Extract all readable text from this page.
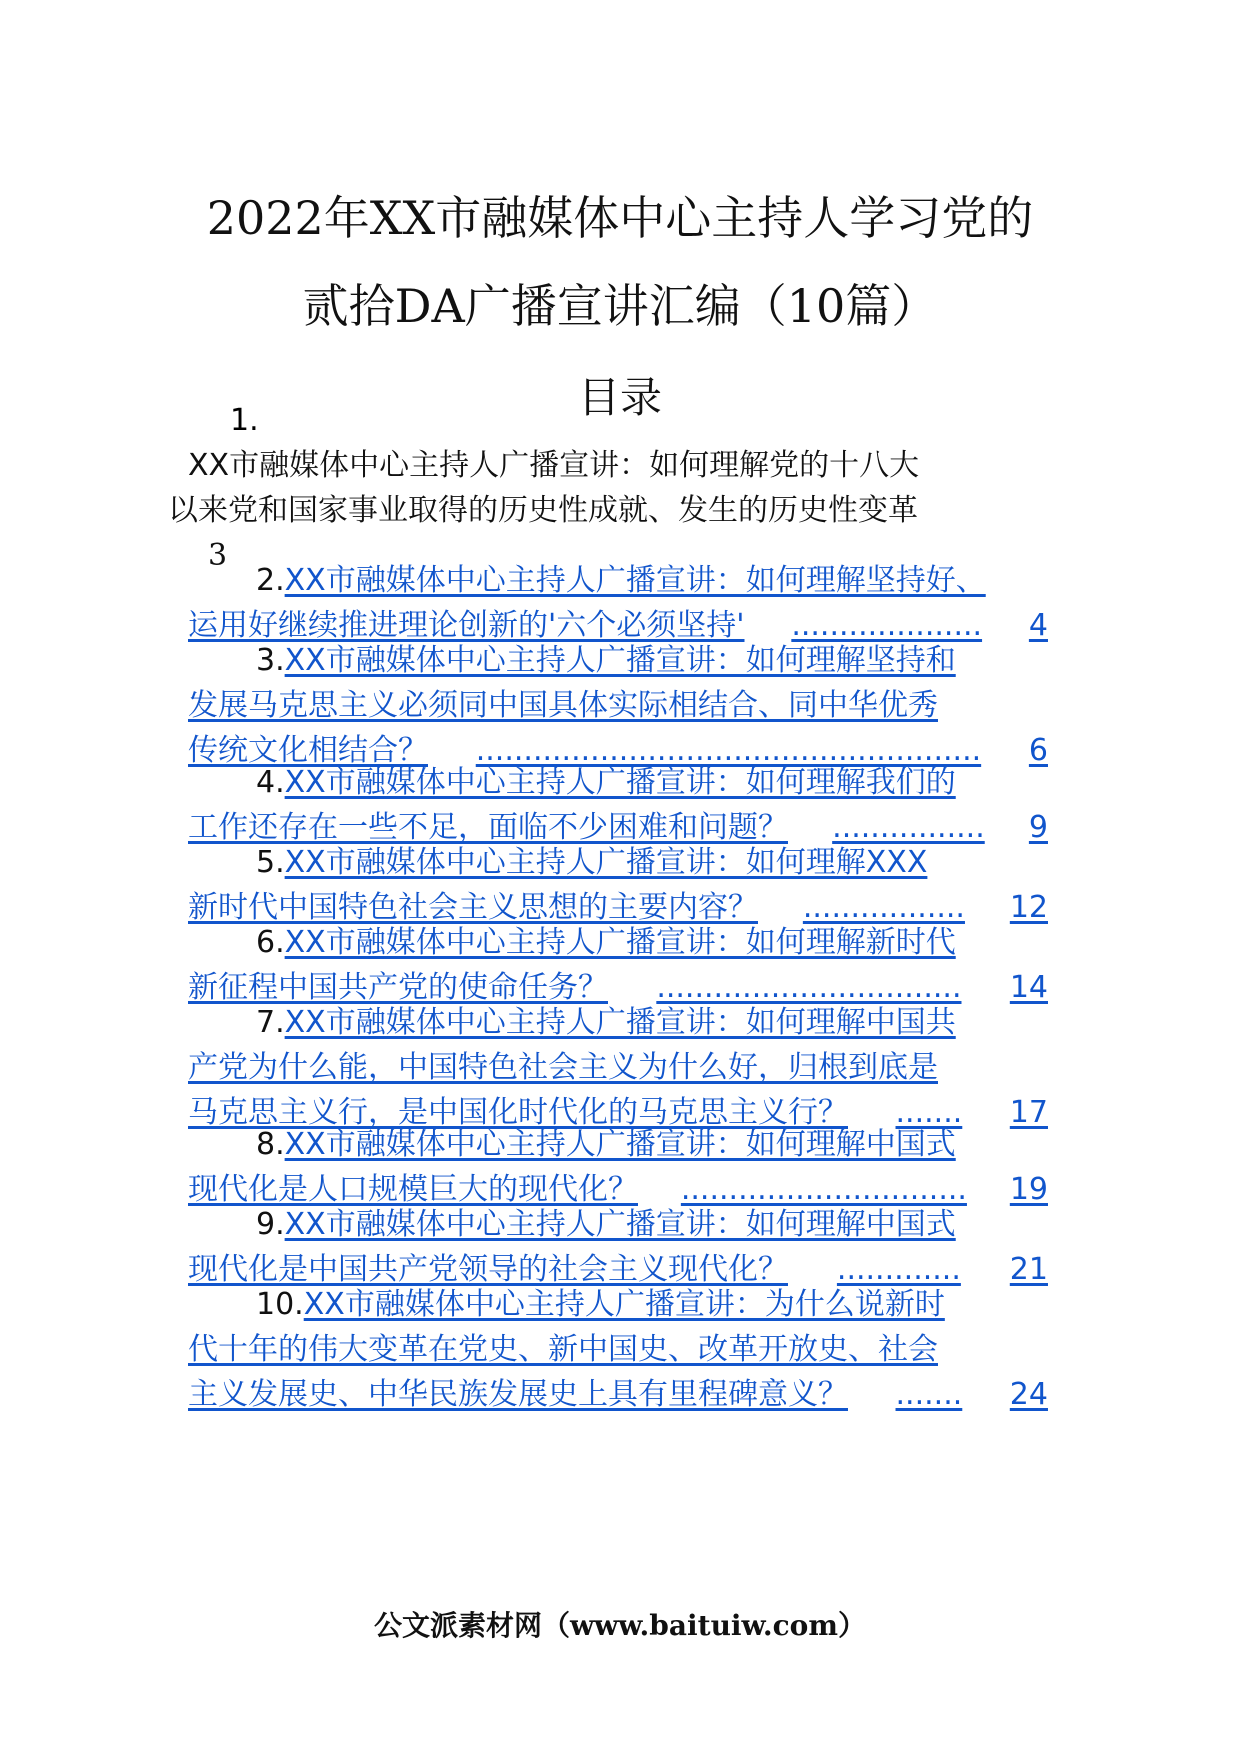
2022年XX市融媒体中心主持人学习党的
贰拾DA广播宣讲汇编（10篇）
目录
1.
XX市融媒体中心主持人广播宣讲：如何理解党的十八大
以来党和国家事业取得的历史性成就、发生的历史性变革
3
2.XX市融媒体中心主持人广播宣讲：如何理解坚持好、
运用好继续推进理论创新的'六个必须坚持' .................... 4
3.XX市融媒体中心主持人广播宣讲：如何理解坚持和
发展马克思主义必须同中国具体实际相结合、同中华优秀
传统文化相结合？ ..................................................... 6
4.XX市融媒体中心主持人广播宣讲：如何理解我们的
工作还存在一些不足，面临不少困难和问题？ ................ 9
5.XX市融媒体中心主持人广播宣讲：如何理解XXX
新时代中国特色社会主义思想的主要内容？ ................. 12
6.XX市融媒体中心主持人广播宣讲：如何理解新时代
新征程中国共产党的使命任务？ ................................ 14
7.XX市融媒体中心主持人广播宣讲：如何理解中国共
产党为什么能，中国特色社会主义为什么好，归根到底是
马克思主义行，是中国化时代化的马克思主义行？ ....... 17
8.XX市融媒体中心主持人广播宣讲：如何理解中国式
现代化是人口规模巨大的现代化？ .............................. 19
9.XX市融媒体中心主持人广播宣讲：如何理解中国式
现代化是中国共产党领导的社会主义现代化？ ............. 21
10.XX市融媒体中心主持人广播宣讲：为什么说新时
代十年的伟大变革在党史、新中国史、改革开放史、社会
主义发展史、中华民族发展史上具有里程碑意义？ ....... 24
公文派素材网（www.baituiw.com）
